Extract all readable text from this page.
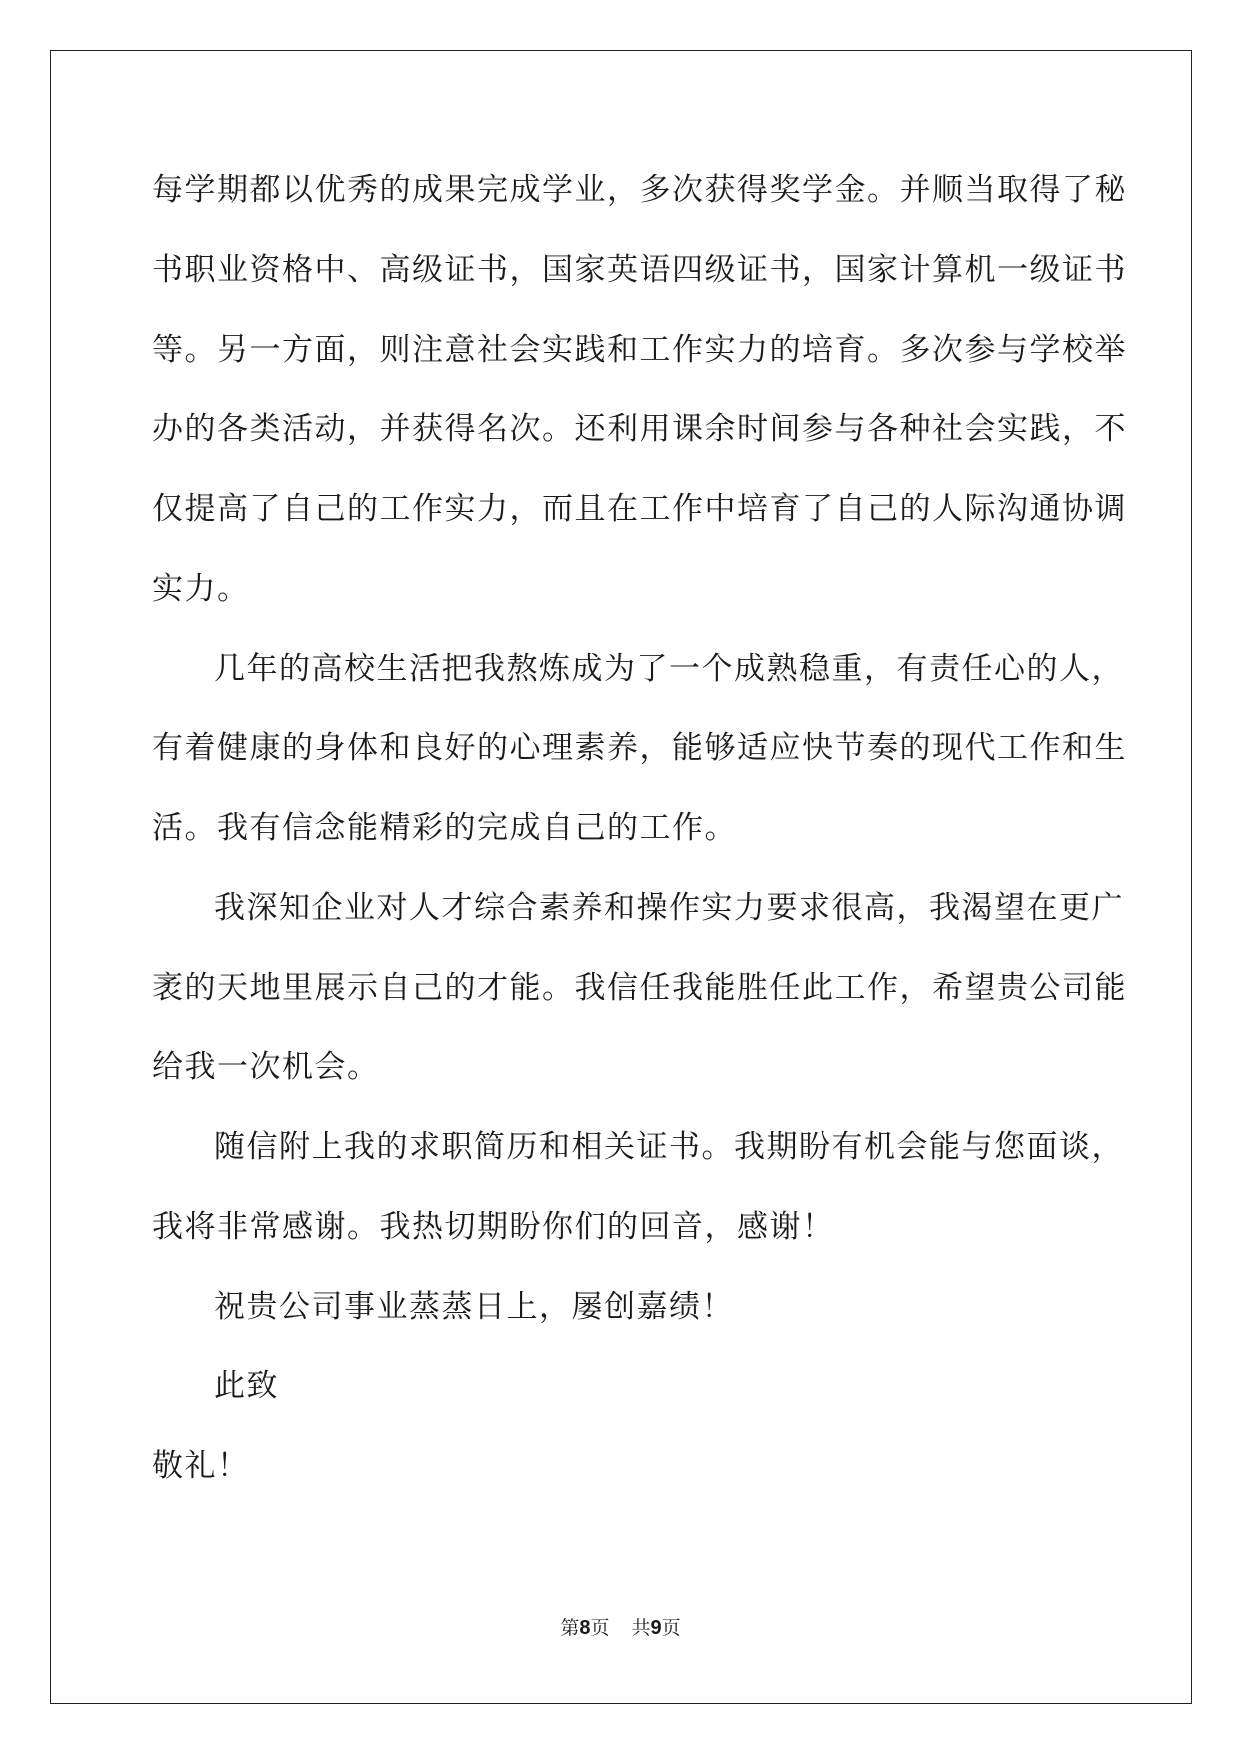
每学期都以优秀的成果完成学业，多次获得奖学金。并顺当取得了秘
书职业资格中、高级证书，国家英语四级证书，国家计算机一级证书
等。另一方面，则注意社会实践和工作实力的培育。多次参与学校举
办的各类活动，并获得名次。还利用课余时间参与各种社会实践，不
仅提高了自己的工作实力，而且在工作中培育了自己的人际沟通协调
实力。
几年的高校生活把我熬炼成为了一个成熟稳重，有责任心的人，
有着健康的身体和良好的心理素养，能够适应快节奏的现代工作和生
活。我有信念能精彩的完成自己的工作。
我深知企业对人才综合素养和操作实力要求很高，我渴望在更广
袤的天地里展示自己的才能。我信任我能胜任此工作，希望贵公司能
给我一次机会。
随信附上我的求职简历和相关证书。我期盼有机会能与您面谈，
我将非常感谢。我热切期盼你们的回音，感谢！
祝贵公司事业蒸蒸日上，屡创嘉绩！
此致
敬礼！
第8页 共9页
